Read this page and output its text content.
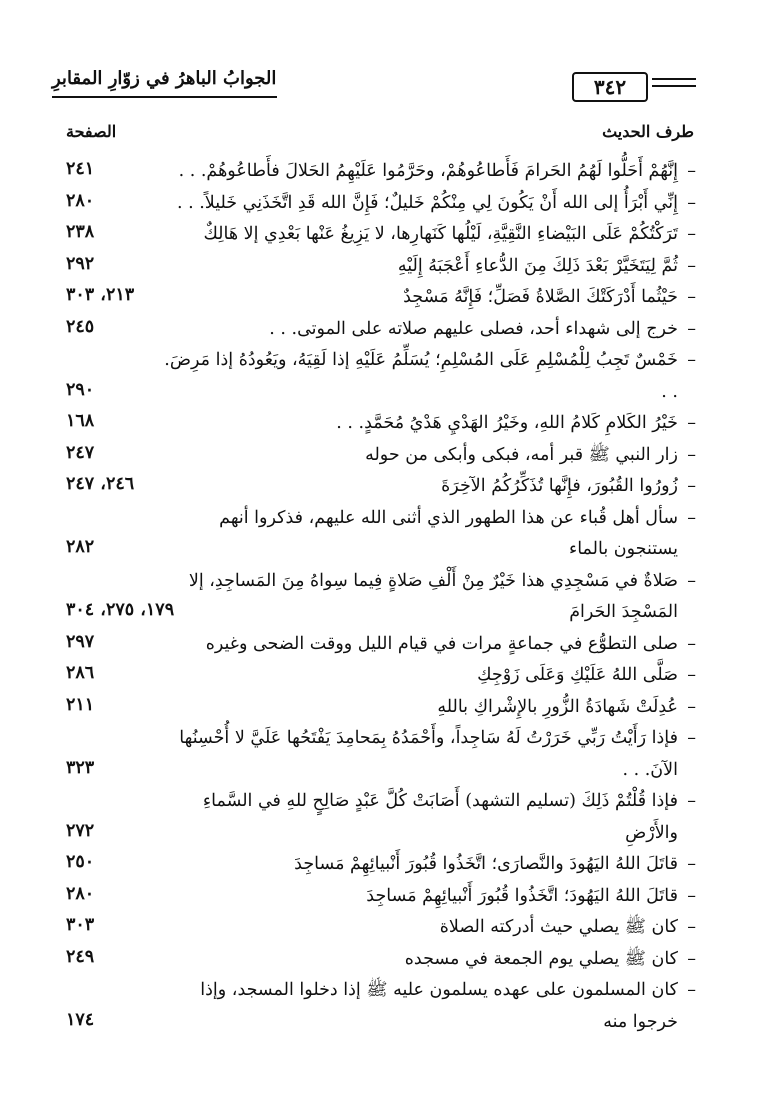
الجوابُ الباهرُ في زوّارِ المقابرِ	٣٤٢
طرف الحديث
الصفحة
– إِنَّهُمْ أَحَلُّوا لَهُمُ الحَرامَ فَأَطاعُوهُمْ، وحَرَّمُوا عَلَيْهِمُ الحَلالَ فأَطاعُوهُمْ. . .
٢٤١
– إِنِّي أَبْرَأُ إلى الله أَنْ يَكُونَ لِي مِنْكُمْ خَليلٌ؛ فَإِنَّ الله قَدِ اتَّخَذَنِي خَليلاً. . .
٢٨٠
– تَرَكْتُكُمْ عَلَى البَيْضاءِ النَّقِيَّةِ، لَيْلُها كَنَهارِها، لا يَزِيغُ عَنْها بَعْدِي إلا هَالِكٌ
٢٣٨
– ثُمَّ لِيَتَخَيَّرْ بَعْدَ ذَلِكَ مِنَ الدُّعاءِ أَعْجَبَهُ إِلَيْهِ
٢٩٢
– حَيْثُما أَدْرَكَتْكَ الصَّلاةُ فَصَلِّ؛ فَإِنَّهُ مَسْجِدٌ
٢١٣، ٣٠٣
– خرج إلى شهداء أحد، فصلى عليهم صلاته على الموتى. . .
٢٤٥
– خَمْسٌ تَجِبُ لِلْمُسْلِمِ عَلَى المُسْلِمِ؛ يُسَلِّمُ عَلَيْهِ إذا لَقِيَهُ، ويَعُودُهُ إذا مَرِضَ. . .
٢٩٠
– خَيْرُ الكَلامِ كَلامُ اللهِ، وخَيْرُ الهَدْيِ هَدْيُ مُحَمَّدٍ. . .
١٦٨
– زار النبي ﷺ قبر أمه، فبكى وأبكى من حوله
٢٤٧
– زُورُوا القُبُورَ، فإِنَّها تُذَكِّرُكُمُ الآخِرَةَ
٢٤٦، ٢٤٧
– سأل أهل قُباء عن هذا الطهور الذي أثنى الله عليهم، فذكروا أنهم يستنجون بالماء
٢٨٢
– صَلاةٌ في مَسْجِدِي هذا خَيْرٌ مِنْ أَلْفِ صَلاةٍ فِيما سِواهُ مِنَ المَساجِدِ، إلا المَسْجِدَ الحَرامَ
١٧٩، ٢٧٥، ٣٠٤
– صلى التطوُّع في جماعةٍ مرات في قيام الليل ووقت الضحى وغيره
٢٩٧
– صَلَّى اللهُ عَلَيْكِ وَعَلَى زَوْجِكِ
٢٨٦
– عُدِلَتْ شَهادَةُ الزُّورِ بالإِشْراكِ باللهِ
٢١١
– فإذا رَأَيْتُ رَبِّي خَرَرْتُ لَهُ سَاجِداً، وأَحْمَدُهُ بِمَحامِدَ يَفْتَحُها عَلَيَّ لا أُحْسِنُها الآنَ. . .
٣٢٣
– فإذا قُلْتُمْ ذَلِكَ (تسليم التشهد) أَصَابَتْ كُلَّ عَبْدٍ صَالِحٍ للهِ في السَّماءِ والأَرْضِ
٢٧٢
– قاتَلَ اللهُ اليَهُودَ والنَّصارَى؛ اتَّخَذُوا قُبُورَ أَنْبيائِهِمْ مَساجِدَ
٢٥٠
– قاتَلَ اللهُ اليَهُودَ؛ اتَّخَذُوا قُبُورَ أَنْبيائِهِمْ مَساجِدَ
٢٨٠
– كان ﷺ يصلي حيث أدركته الصلاة
٣٠٣
– كان ﷺ يصلي يوم الجمعة في مسجده
٢٤٩
– كان المسلمون على عهده يسلمون عليه ﷺ إذا دخلوا المسجد، وإذا خرجوا منه
١٧٤
